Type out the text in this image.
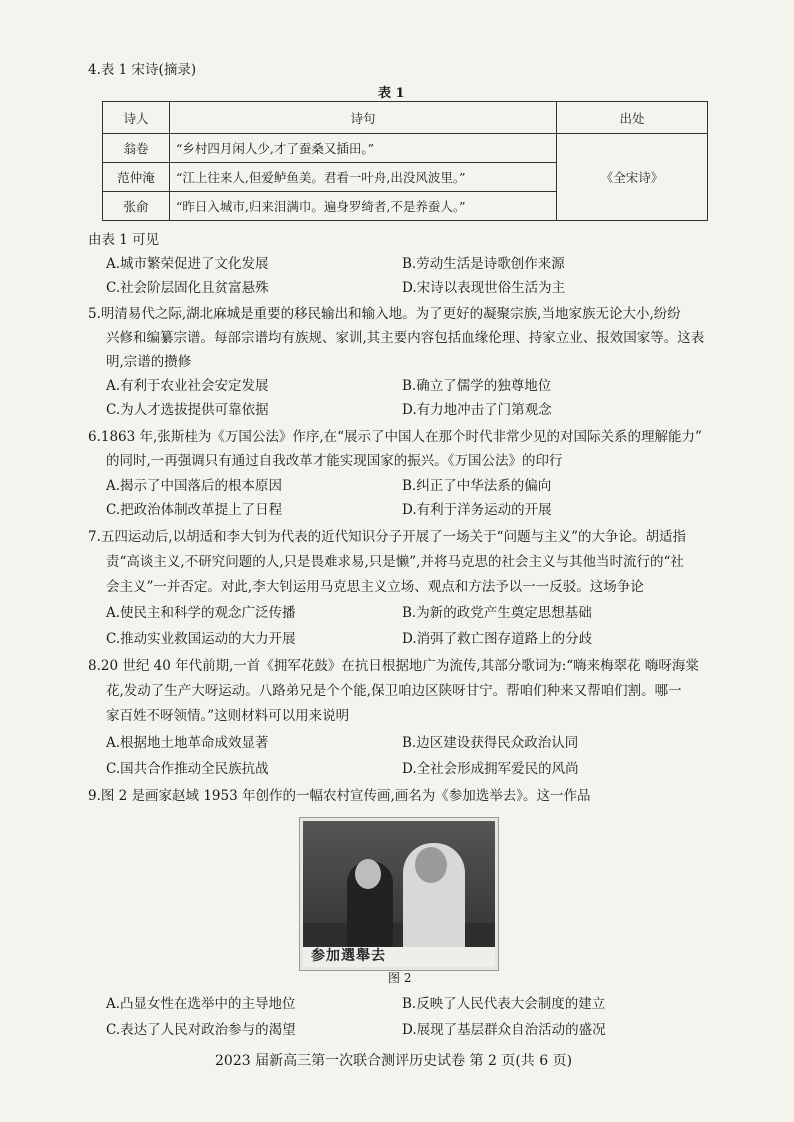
4.表 1 宋诗(摘录)
表 1
诗人	诗句	出处
翁卷	“乡村四月闲人少,才了蚕桑又插田。”	《全宋诗》
范仲淹	“江上往来人,但爱鲈鱼美。君看一叶舟,出没风波里。”	
张俞	“昨日入城市,归来泪满巾。遍身罗绮者,不是养蚕人。”	
由表 1 可见
A.城市繁荣促进了文化发展	B.劳动生活是诗歌创作来源
C.社会阶层固化且贫富悬殊	D.宋诗以表现世俗生活为主
5.明清易代之际,湖北麻城是重要的移民输出和输入地。为了更好的凝聚宗族,当地家族无论大小,纷纷
兴修和编纂宗谱。每部宗谱均有族规、家训,其主要内容包括血缘伦理、持家立业、报效国家等。这表
明,宗谱的攒修
A.有利于农业社会安定发展	B.确立了儒学的独尊地位
C.为人才选拔提供可靠依据	D.有力地冲击了门第观念
6.1863 年,张斯桂为《万国公法》作序,在“展示了中国人在那个时代非常少见的对国际关系的理解能力”
的同时,一再强调只有通过自我改革才能实现国家的振兴。《万国公法》的印行
A.揭示了中国落后的根本原因	B.纠正了中华法系的偏向
C.把政治体制改革提上了日程	D.有利于洋务运动的开展
7.五四运动后,以胡适和李大钊为代表的近代知识分子开展了一场关于“问题与主义”的大争论。胡适指
责“高谈主义,不研究问题的人,只是畏难求易,只是懒”,并将马克思的社会主义与其他当时流行的“社
会主义”一并否定。对此,李大钊运用马克思主义立场、观点和方法予以一一反驳。这场争论
A.使民主和科学的观念广泛传播	B.为新的政党产生奠定思想基础
C.推动实业救国运动的大力开展	D.消弭了救亡图存道路上的分歧
8.20 世纪 40 年代前期,一首《拥军花鼓》在抗日根据地广为流传,其部分歌词为:“嗨来梅翠花 嗨呀海棠
花,发动了生产大呀运动。八路弟兄是个个能,保卫咱边区陕呀甘宁。帮咱们种来又帮咱们割。哪一
家百姓不呀领情。”这则材料可以用来说明
A.根据地土地革命成效显著	B.边区建设获得民众政治认同
C.国共合作推动全民族抗战	D.全社会形成拥军爱民的风尚
9.图 2 是画家赵域 1953 年创作的一幅农村宣传画,画名为《参加选举去》。这一作品
参加選舉去
图 2
A.凸显女性在选举中的主导地位	B.反映了人民代表大会制度的建立
C.表达了人民对政治参与的渴望	D.展现了基层群众自治活动的盛况
2023 届新高三第一次联合测评历史试卷 第 2 页(共 6 页)
